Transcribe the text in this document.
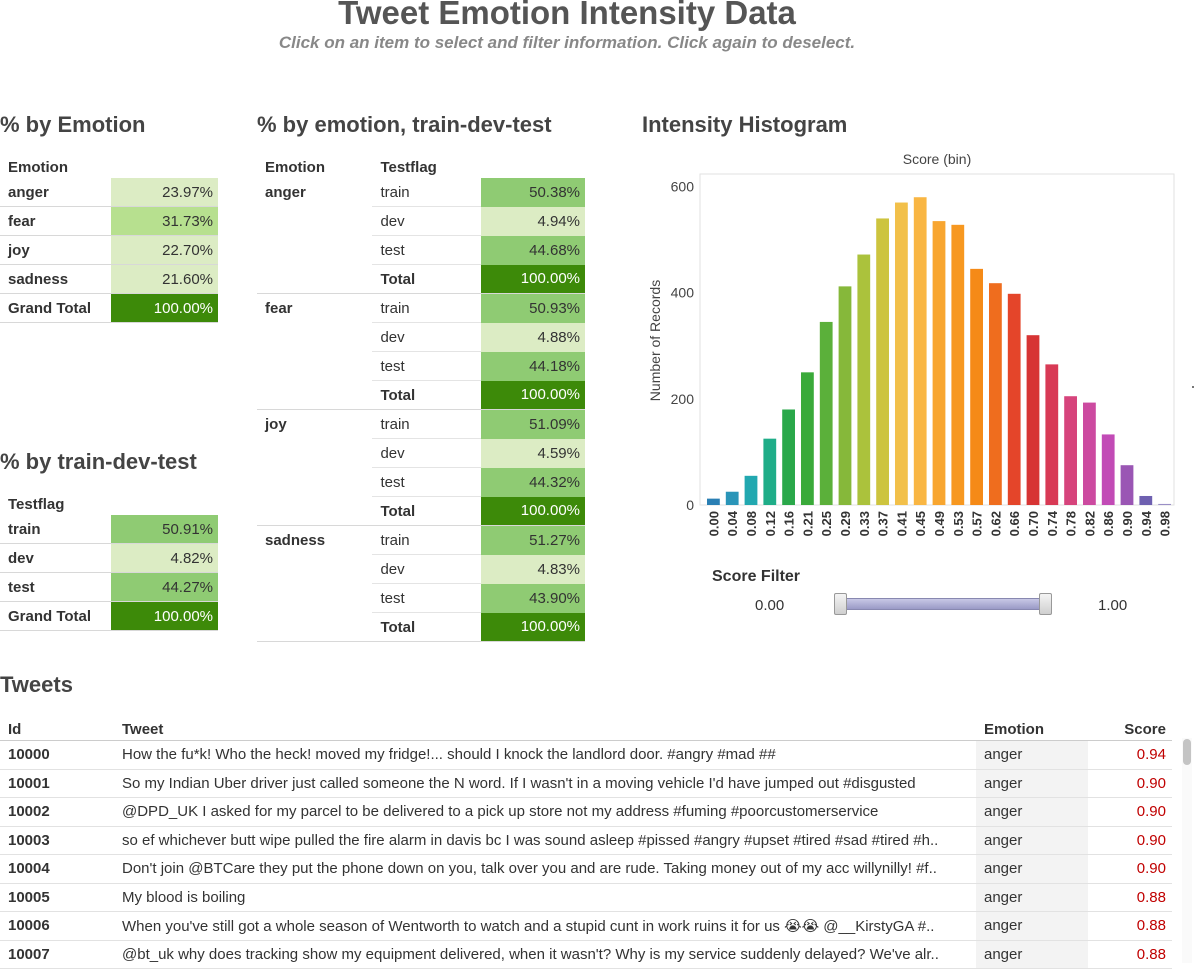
Tweet Emotion Intensity Data
Click on an item to select and filter information. Click again to deselect.
% by Emotion
Emotion	
anger	23.97%
fear	31.73%
joy	22.70%
sadness	21.60%
Grand Total	100.00%
% by train-dev-test
Testflag	
train	50.91%
dev	4.82%
test	44.27%
Grand Total	100.00%
% by emotion, train-dev-test
Emotion	Testflag	
anger	train	50.38%
	dev	4.94%
	test	44.68%
	Total	100.00%
fear	train	50.93%
	dev	4.88%
	test	44.18%
	Total	100.00%
joy	train	51.09%
	dev	4.59%
	test	44.32%
	Total	100.00%
sadness	train	51.27%
	dev	4.83%
	test	43.90%
	Total	100.00%
Intensity Histogram
Score (bin)
Number of Records
0
200
400
600
0.00 0.04 0.08 0.12 0.16 0.21 0.25 0.29 0.33 0.37 0.41 0.45 0.49 0.53 0.57 0.62 0.66 0.70 0.74 0.78 0.82 0.86 0.90 0.94 0.98
Score Filter
0.00	1.00
Tweets
Id	Tweet	Emotion	Score
10000	How the fu*k! Who the heck! moved my fridge!... should I knock the landlord door. #angry #mad ##	anger	0.94
10001	So my Indian Uber driver just called someone the N word. If I wasn't in a moving vehicle I'd have jumped out #disgusted	anger	0.90
10002	@DPD_UK I asked for my parcel to be delivered to a pick up store not my address #fuming #poorcustomerservice	anger	0.90
10003	so ef whichever butt wipe pulled the fire alarm in davis bc I was sound asleep #pissed #angry #upset #tired #sad #tired #h..	anger	0.90
10004	Don't join @BTCare they put the phone down on you, talk over you and are rude. Taking money out of my acc willynilly! #f..	anger	0.90
10005	My blood is boiling	anger	0.88
10006	When you've still got a whole season of Wentworth to watch and a stupid cunt in work ruins it for us 😭😭 @__KirstyGA #..	anger	0.88
10007	@bt_uk why does tracking show my equipment delivered, when it wasn't? Why is my service suddenly delayed? We've alr..	anger	0.88
